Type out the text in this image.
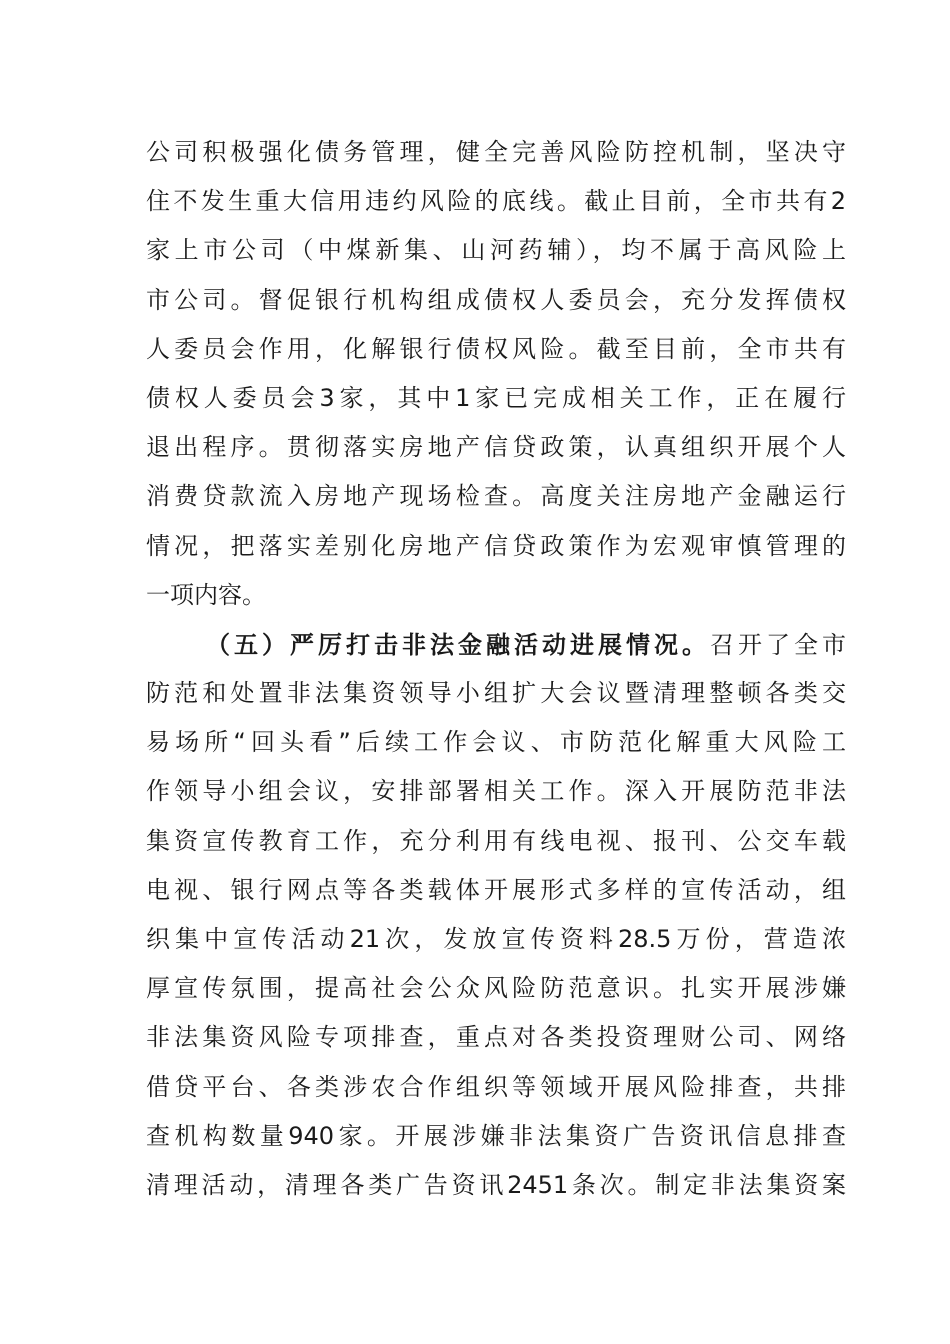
公司积极强化债务管理，健全完善风险防控机制，坚决守
住不发生重大信用违约风险的底线。截止目前，全市共有2
家上市公司（中煤新集、山河药辅），均不属于高风险上
市公司。督促银行机构组成债权人委员会，充分发挥债权
人委员会作用，化解银行债权风险。截至目前，全市共有
债权人委员会3家，其中1家已完成相关工作，正在履行
退出程序。贯彻落实房地产信贷政策，认真组织开展个人
消费贷款流入房地产现场检查。高度关注房地产金融运行
情况，把落实差别化房地产信贷政策作为宏观审慎管理的
一项内容。
（五）严厉打击非法金融活动进展情况。召开了全市
防范和处置非法集资领导小组扩大会议暨清理整顿各类交
易场所“回头看”后续工作会议、市防范化解重大风险工
作领导小组会议，安排部署相关工作。深入开展防范非法
集资宣传教育工作，充分利用有线电视、报刊、公交车载
电视、银行网点等各类载体开展形式多样的宣传活动，组
织集中宣传活动21次，发放宣传资料28.5万份，营造浓
厚宣传氛围，提高社会公众风险防范意识。扎实开展涉嫌
非法集资风险专项排查，重点对各类投资理财公司、网络
借贷平台、各类涉农合作组织等领域开展风险排查，共排
查机构数量940家。开展涉嫌非法集资广告资讯信息排查
清理活动，清理各类广告资讯2451条次。制定非法集资案
